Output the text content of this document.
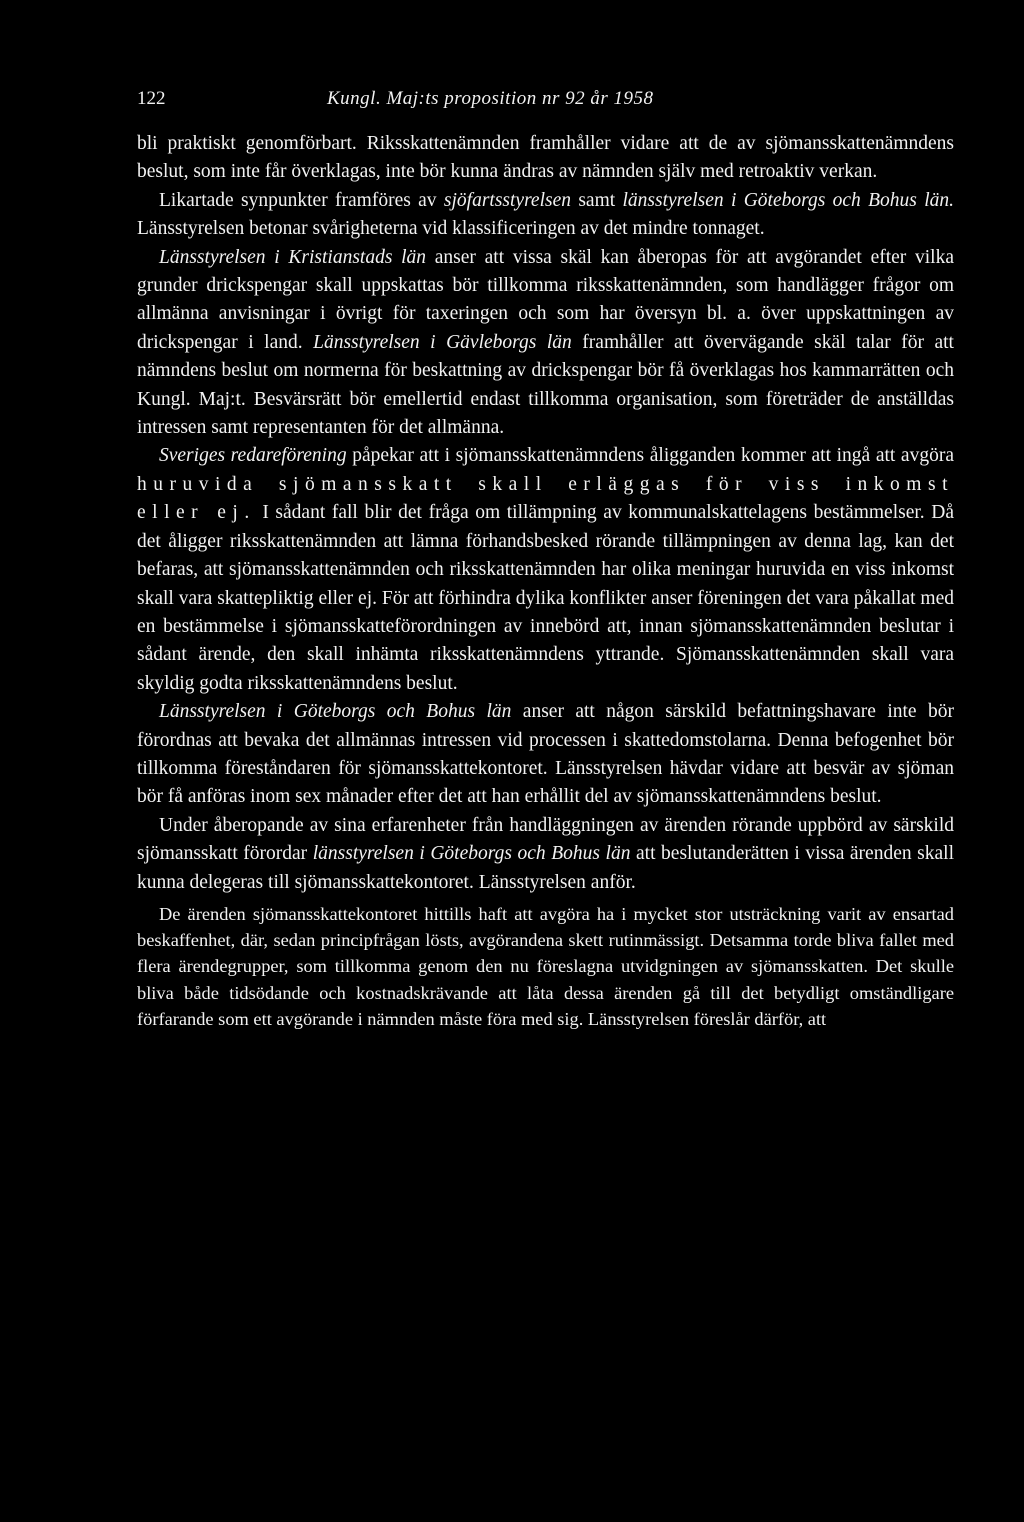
122	Kungl. Maj:ts proposition nr 92 år 1958

bli praktiskt genomförbart. Riksskattenämnden framhåller vidare att de av sjömansskattenämndens beslut, som inte får överklagas, inte bör kunna ändras av nämnden själv med retroaktiv verkan.

Likartade synpunkter framföres av sjöfartsstyrelsen samt länsstyrelsen i Göteborgs och Bohus län. Länsstyrelsen betonar svårigheterna vid klassificeringen av det mindre tonnaget.

Länsstyrelsen i Kristianstads län anser att vissa skäl kan åberopas för att avgörandet efter vilka grunder drickspengar skall uppskattas bör tillkomma riksskattenämnden, som handlägger frågor om allmänna anvisningar i övrigt för taxeringen och som har översyn bl. a. över uppskattningen av drickspengar i land. Länsstyrelsen i Gävleborgs län framhåller att övervägande skäl talar för att nämndens beslut om normerna för beskattning av drickspengar bör få överklagas hos kammarrätten och Kungl. Maj:t. Besvärsrätt bör emellertid endast tillkomma organisation, som företräder de anställdas intressen samt representanten för det allmänna.

Sveriges redareförening påpekar att i sjömansskattenämndens åligganden kommer att ingå att avgöra huruvida sjömansskatt skall erläggas för viss inkomst eller ej. I sådant fall blir det fråga om tillämpning av kommunalskattelagens bestämmelser. Då det åligger riksskattenämnden att lämna förhandsbesked rörande tillämpningen av denna lag, kan det befaras, att sjömansskattenämnden och riksskattenämnden har olika meningar huruvida en viss inkomst skall vara skattepliktig eller ej. För att förhindra dylika konflikter anser föreningen det vara påkallat med en bestämmelse i sjömansskatteförordningen av innebörd att, innan sjömansskattenämnden beslutar i sådant ärende, den skall inhämta riksskattenämndens yttrande. Sjömansskattenämnden skall vara skyldig godta riksskattenämndens beslut.

Länsstyrelsen i Göteborgs och Bohus län anser att någon särskild befattningshavare inte bör förordnas att bevaka det allmännas intressen vid processen i skattedomstolarna. Denna befogenhet bör tillkomma föreståndaren för sjömansskattekontoret. Länsstyrelsen hävdar vidare att besvär av sjöman bör få anföras inom sex månader efter det att han erhållit del av sjömansskattenämndens beslut.

Under åberopande av sina erfarenheter från handläggningen av ärenden rörande uppbörd av särskild sjömansskatt förordar länsstyrelsen i Göteborgs och Bohus län att beslutanderätten i vissa ärenden skall kunna delegeras till sjömansskattekontoret. Länsstyrelsen anför.

De ärenden sjömansskattekontoret hittills haft att avgöra ha i mycket stor utsträckning varit av ensartad beskaffenhet, där, sedan principfrågan lösts, avgörandena skett rutinmässigt. Detsamma torde bliva fallet med flera ärendegrupper, som tillkomma genom den nu föreslagna utvidgningen av sjömansskatten. Det skulle bliva både tidsödande och kostnadskrävande att låta dessa ärenden gå till det betydligt omständligare förfarande som ett avgörande i nämnden måste föra med sig. Länsstyrelsen föreslår därför, att
